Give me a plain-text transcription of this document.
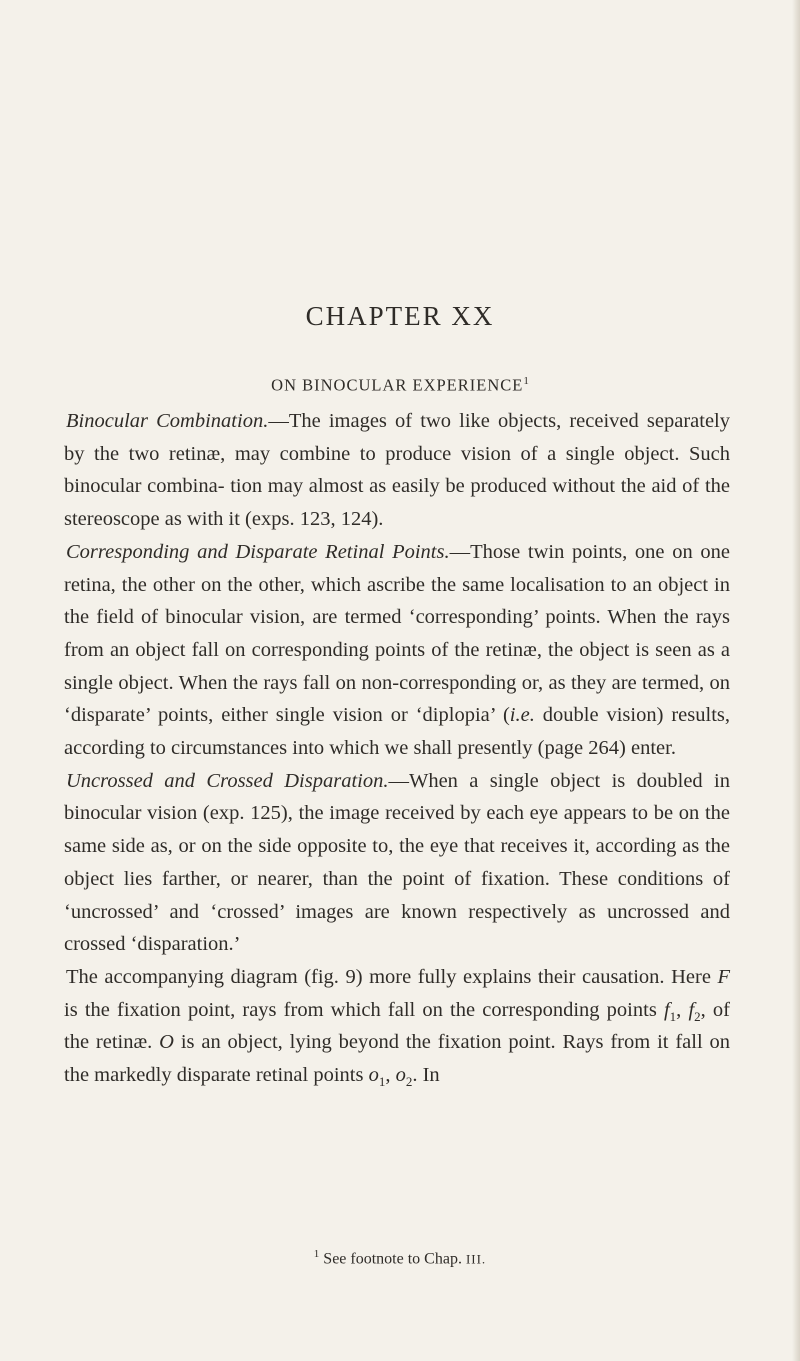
CHAPTER XX
ON BINOCULAR EXPERIENCE$^1$

Binocular Combination.—The images of two like objects, received separately by the two retinæ, may combine to produce vision of a single object. Such binocular combina- tion may almost as easily be produced without the aid of the stereoscope as with it (exps. 123, 124).

Corresponding and Disparate Retinal Points.—Those twin points, one on one retina, the other on the other, which ascribe the same localisation to an object in the field of binocular vision, are termed ‘corresponding’ points. When the rays from an object fall on corresponding points of the retinæ, the object is seen as a single object. When the rays fall on non-corresponding or, as they are termed, on ‘disparate’ points, either single vision or ‘diplopia’ (i.e. double vision) results, according to circumstances into which we shall presently (page 264) enter.

Uncrossed and Crossed Disparation.—When a single object is doubled in binocular vision (exp. 125), the image received by each eye appears to be on the same side as, or on the side opposite to, the eye that receives it, according as the object lies farther, or nearer, than the point of fixation. These conditions of ‘uncrossed’ and ‘crossed’ images are known respectively as uncrossed and crossed ‘disparation.’

The accompanying diagram (fig. 9) more fully explains their causation. Here F is the fixation point, rays from which fall on the corresponding points $f_1$, $f_2$, of the retinæ. O is an object, lying beyond the fixation point. Rays from it fall on the markedly disparate retinal points $o_1$, $o_2$. In

$^1$ See footnote to Chap. III.
